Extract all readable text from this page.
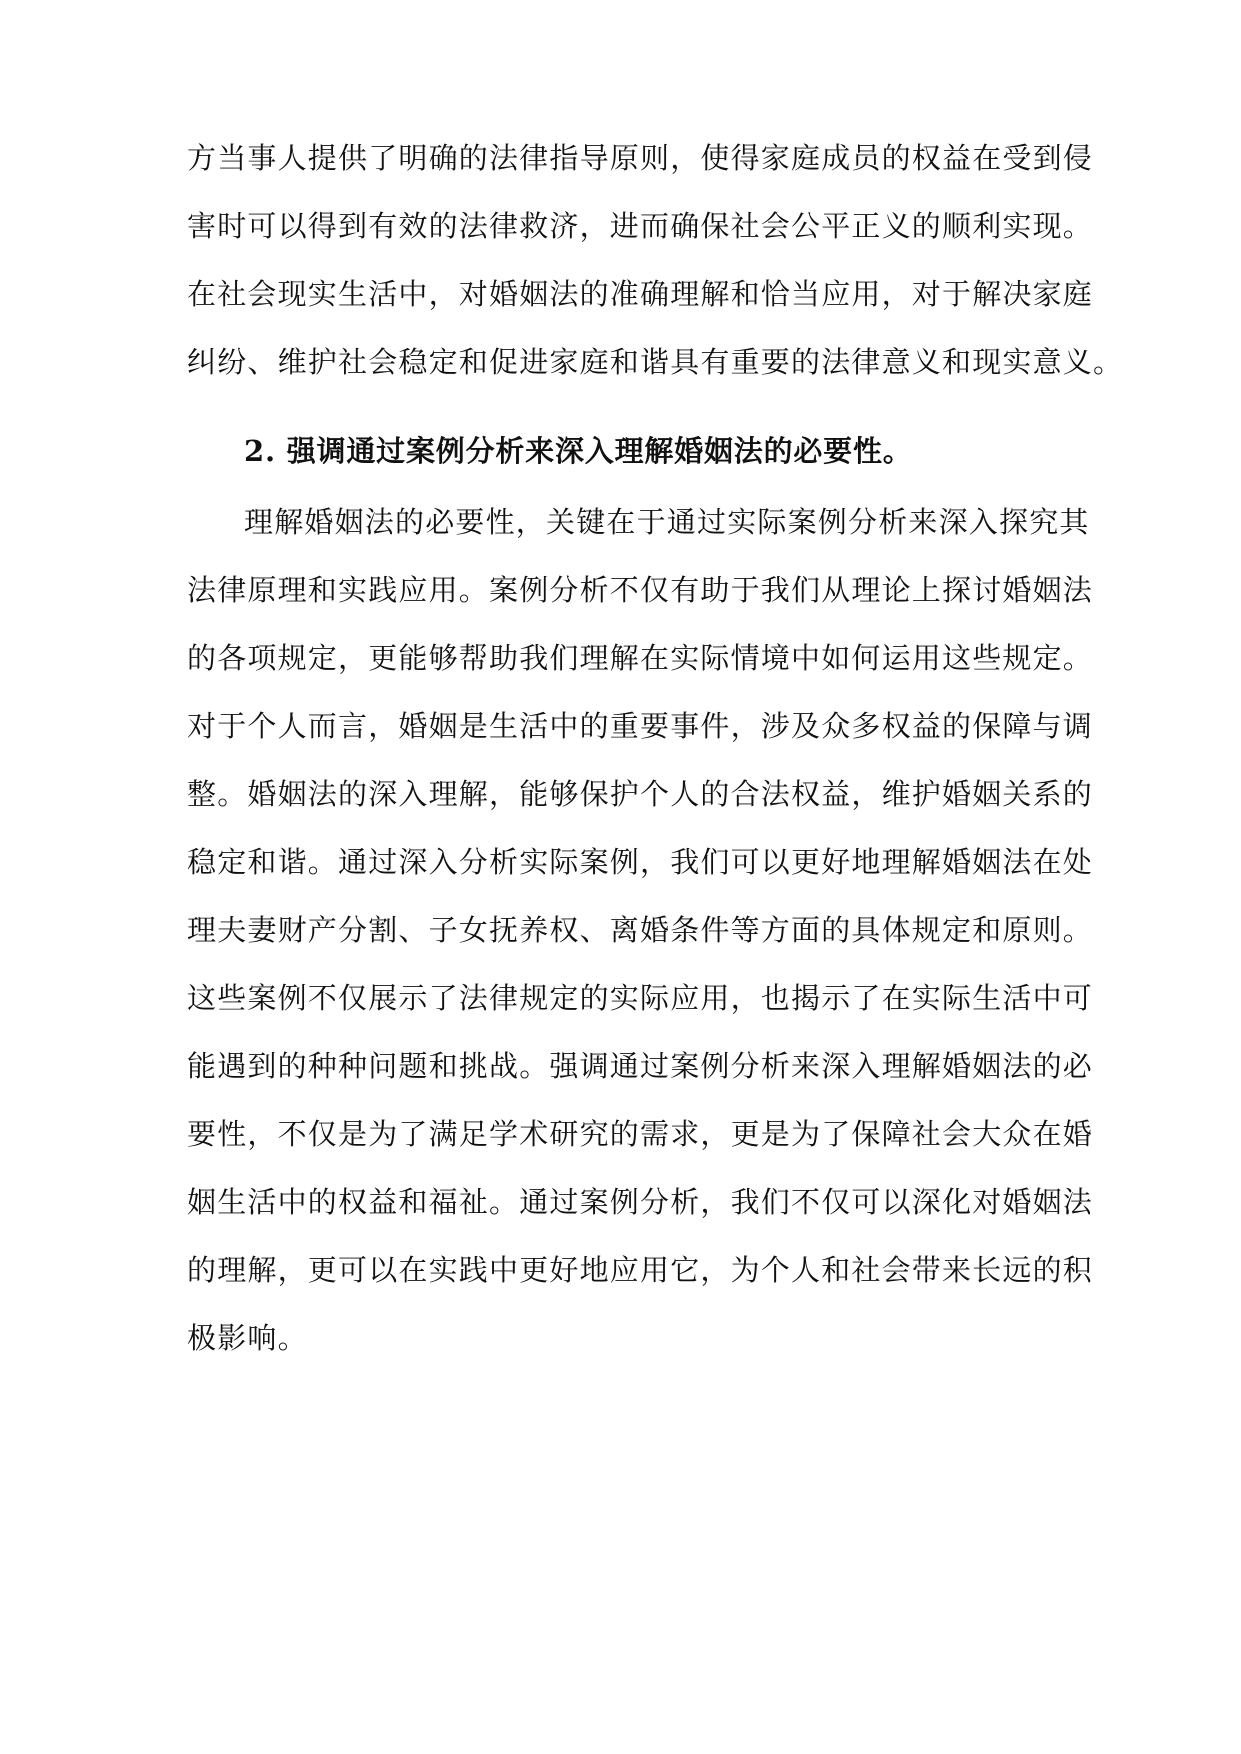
方当事人提供了明确的法律指导原则，使得家庭成员的权益在受到侵
害时可以得到有效的法律救济，进而确保社会公平正义的顺利实现。
在社会现实生活中，对婚姻法的准确理解和恰当应用，对于解决家庭
纠纷、维护社会稳定和促进家庭和谐具有重要的法律意义和现实意义。
2. 强调通过案例分析来深入理解婚姻法的必要性。
理解婚姻法的必要性，关键在于通过实际案例分析来深入探究其
法律原理和实践应用。案例分析不仅有助于我们从理论上探讨婚姻法
的各项规定，更能够帮助我们理解在实际情境中如何运用这些规定。
对于个人而言，婚姻是生活中的重要事件，涉及众多权益的保障与调
整。婚姻法的深入理解，能够保护个人的合法权益，维护婚姻关系的
稳定和谐。通过深入分析实际案例，我们可以更好地理解婚姻法在处
理夫妻财产分割、子女抚养权、离婚条件等方面的具体规定和原则。
这些案例不仅展示了法律规定的实际应用，也揭示了在实际生活中可
能遇到的种种问题和挑战。强调通过案例分析来深入理解婚姻法的必
要性，不仅是为了满足学术研究的需求，更是为了保障社会大众在婚
姻生活中的权益和福祉。通过案例分析，我们不仅可以深化对婚姻法
的理解，更可以在实践中更好地应用它，为个人和社会带来长远的积
极影响。
